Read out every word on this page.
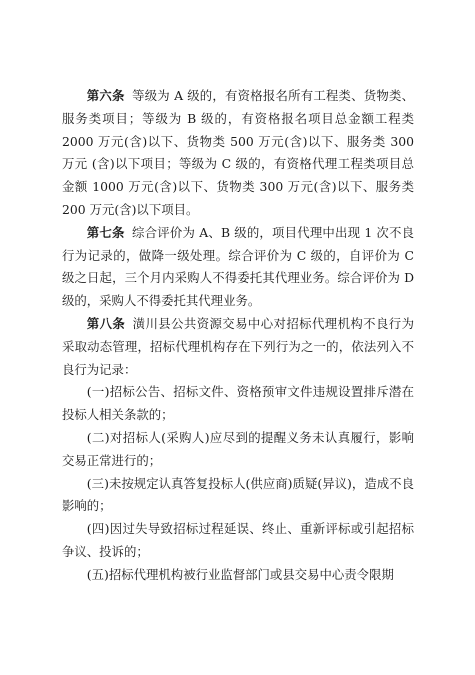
第六条 等级为 A 级的，有资格报名所有工程类、货物类、服务类项目；等级为 B 级的，有资格报名项目总金额工程类 2000 万元(含)以下、货物类 500 万元(含)以下、服务类 300 万元 (含)以下项目；等级为 C 级的，有资格代理工程类项目总金额 1000 万元(含)以下、货物类 300 万元(含)以下、服务类 200 万元(含)以下项目。

第七条 综合评价为 A、B 级的，项目代理中出现 1 次不良行为记录的，做降一级处理。综合评价为 C 级的，自评价为 C 级之日起，三个月内采购人不得委托其代理业务。综合评价为 D 级的，采购人不得委托其代理业务。

第八条 潢川县公共资源交易中心对招标代理机构不良行为采取动态管理，招标代理机构存在下列行为之一的，依法列入不良行为记录：

(一)招标公告、招标文件、资格预审文件违规设置排斥潜在投标人相关条款的；

(二)对招标人(采购人)应尽到的提醒义务未认真履行，影响交易正常进行的；

(三)未按规定认真答复投标人(供应商)质疑(异议)，造成不良影响的；

(四)因过失导致招标过程延误、终止、重新评标或引起招标争议、投诉的；

(五)招标代理机构被行业监督部门或县交易中心责令限期
